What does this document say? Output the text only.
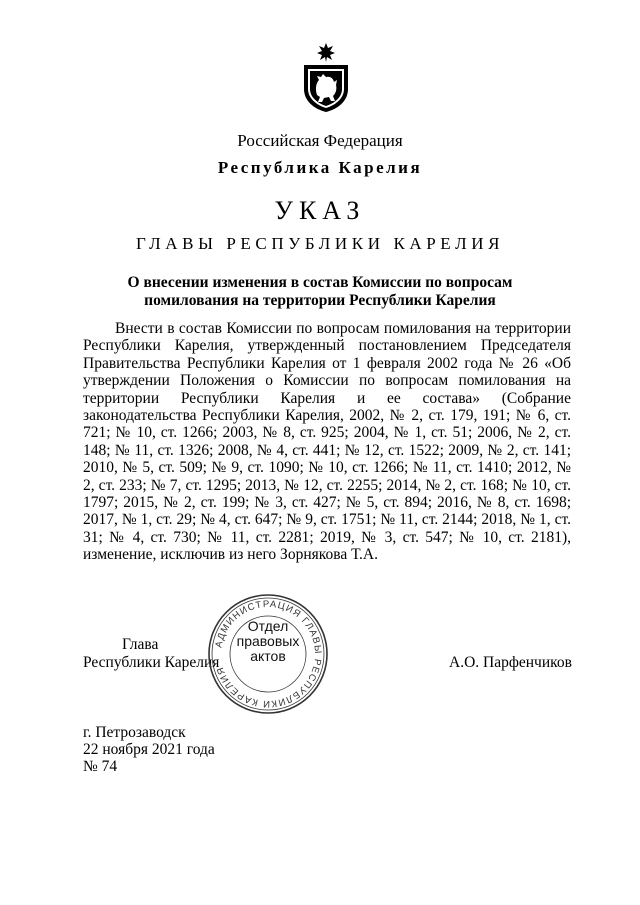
Российская Федерация
Республика Карелия
УКАЗ
ГЛАВЫ РЕСПУБЛИКИ КАРЕЛИЯ
О внесении изменения в состав Комиссии по вопросам
помилования на территории Республики Карелия
Внести в состав Комиссии по вопросам помилования на территории Республики Карелия, утвержденный постановлением Председателя Правительства Республики Карелия от 1 февраля 2002 года № 26 «Об утверждении Положения о Комиссии по вопросам помилования на территории Республики Карелия и ее состава» (Собрание законодательства Республики Карелия, 2002, № 2, ст. 179, 191; № 6, ст. 721; № 10, ст. 1266; 2003, № 8, ст. 925; 2004, № 1, ст. 51; 2006, № 2, ст. 148; № 11, ст. 1326; 2008, № 4, ст. 441; № 12, ст. 1522; 2009, № 2, ст. 141; 2010, № 5, ст. 509; № 9, ст. 1090; № 10, ст. 1266; № 11, ст. 1410; 2012, № 2, ст. 233; № 7, ст. 1295; 2013, № 12, ст. 2255; 2014, № 2, ст. 168; № 10, ст. 1797; 2015, № 2, ст. 199; № 3, ст. 427; № 5, ст. 894; 2016, № 8, ст. 1698; 2017, № 1, ст. 29; № 4, ст. 647; № 9, ст. 1751; № 11, ст. 2144; 2018, № 1, ст. 31; № 4, ст. 730; № 11, ст. 2281; 2019, № 3, ст. 547; № 10, ст. 2181), изменение, исключив из него Зорнякова Т.А.
Глава
Республики Карелия	А.О. Парфенчиков
АДМИНИСТРАЦИЯ ГЛАВЫ РЕСПУБЛИКИ КАРЕЛИЯ
Отдел
правовых
актов
г. Петрозаводск
22 ноября 2021 года
№ 74
